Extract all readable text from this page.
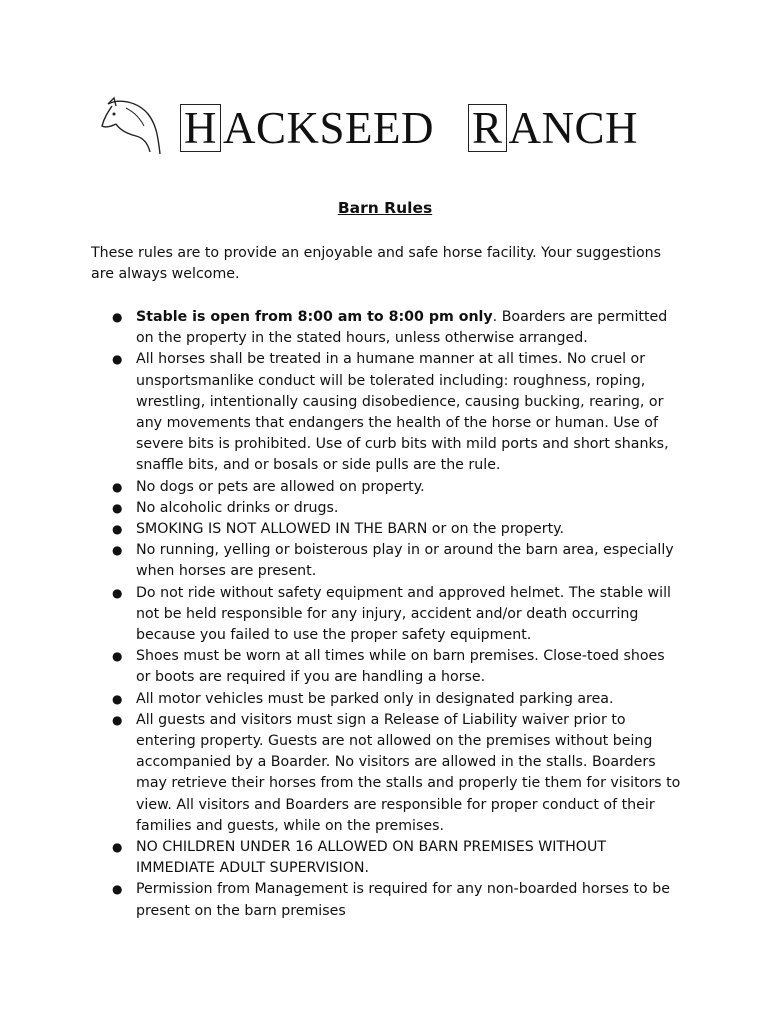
H ACKSEED R ANCH
Barn Rules

These rules are to provide an enjoyable and safe horse facility. Your suggestions are always welcome.

● Stable is open from 8:00 am to 8:00 pm only. Boarders are permitted on the property in the stated hours, unless otherwise arranged.
● All horses shall be treated in a humane manner at all times. No cruel or unsportsmanlike conduct will be tolerated including: roughness, roping, wrestling, intentionally causing disobedience, causing bucking, rearing, or any movements that endangers the health of the horse or human. Use of severe bits is prohibited. Use of curb bits with mild ports and short shanks, snaffle bits, and or bosals or side pulls are the rule.
● No dogs or pets are allowed on property.
● No alcoholic drinks or drugs.
● SMOKING IS NOT ALLOWED IN THE BARN or on the property.
● No running, yelling or boisterous play in or around the barn area, especially when horses are present.
● Do not ride without safety equipment and approved helmet. The stable will not be held responsible for any injury, accident and/or death occurring because you failed to use the proper safety equipment.
● Shoes must be worn at all times while on barn premises. Close-toed shoes or boots are required if you are handling a horse.
● All motor vehicles must be parked only in designated parking area.
● All guests and visitors must sign a Release of Liability waiver prior to entering property. Guests are not allowed on the premises without being accompanied by a Boarder. No visitors are allowed in the stalls. Boarders may retrieve their horses from the stalls and properly tie them for visitors to view. All visitors and Boarders are responsible for proper conduct of their families and guests, while on the premises.
● NO CHILDREN UNDER 16 ALLOWED ON BARN PREMISES WITHOUT IMMEDIATE ADULT SUPERVISION.
● Permission from Management is required for any non-boarded horses to be present on the barn premises
